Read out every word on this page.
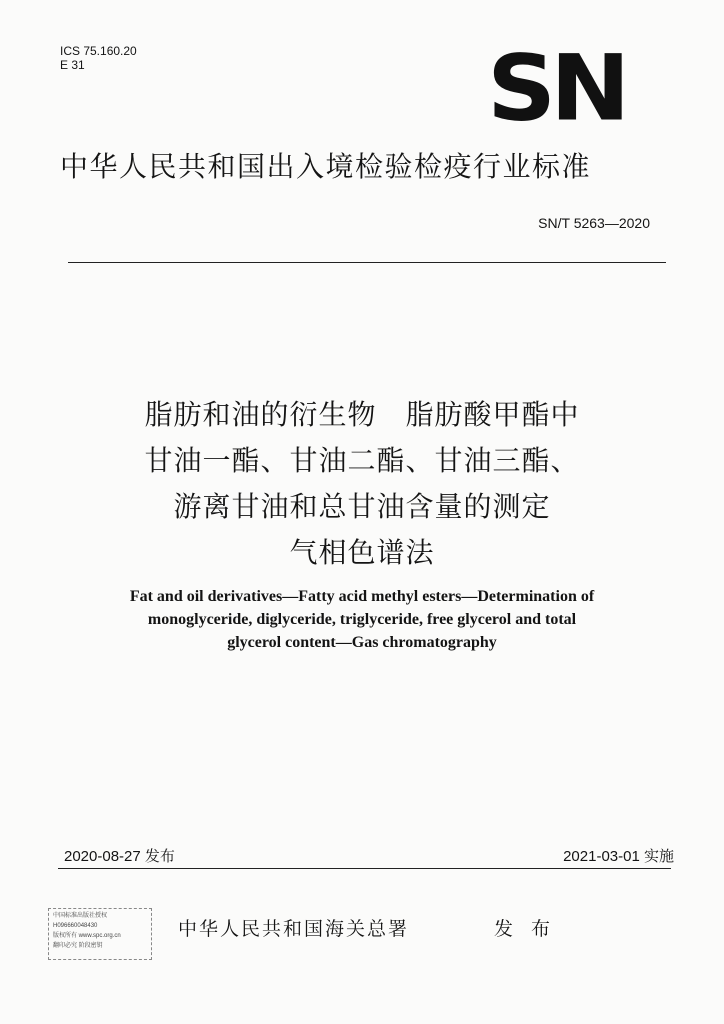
ICS 75.160.20
E 31	SN
中华人民共和国出入境检验检疫行业标准
SN/T 5263—2020
脂肪和油的衍生物　脂肪酸甲酯中
甘油一酯、甘油二酯、甘油三酯、
游离甘油和总甘油含量的测定
气相色谱法
Fat and oil derivatives—Fatty acid methyl esters—Determination of
monoglyceride, diglyceride, triglyceride, free glycerol and total
glycerol content—Gas chromatography
2020-08-27 发布	2021-03-01 实施
中国标准出版社授权
H096660048430
版权所有 www.spc.org.cn
翻印必究 阶段密钥
中华人民共和国海关总署	发 布
